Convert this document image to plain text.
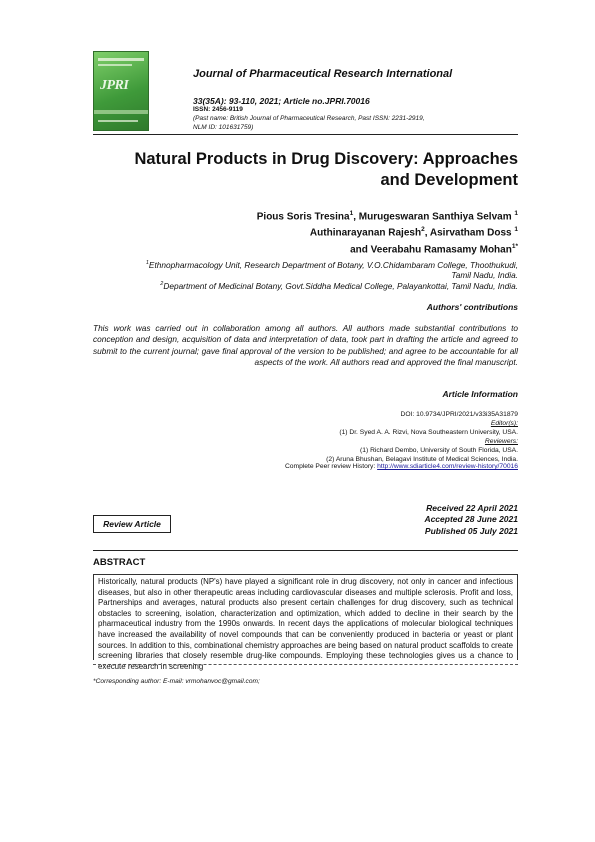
JPRI
Journal of Pharmaceutical Research International
33(35A): 93-110, 2021; Article no.JPRI.70016
ISSN: 2456-9119
(Past name: British Journal of Pharmaceutical Research, Past ISSN: 2231-2919,
NLM ID: 101631759)
Natural Products in Drug Discovery: Approaches
and Development
Pious Soris Tresina$^1$, Murugeswaran Santhiya Selvam $^1$
Authinarayanan Rajesh$^2$, Asirvatham Doss $^1$
and Veerabahu Ramasamy Mohan$^{1*}$
$^1$Ethnopharmacology Unit, Research Department of Botany, V.O.Chidambaram College, Thoothukudi,
Tamil Nadu, India.
$^2$Department of Medicinal Botany, Govt.Siddha Medical College, Palayankottai, Tamil Nadu, India.
Authors' contributions
This work was carried out in collaboration among all authors. All authors made substantial contributions to conception and design, acquisition of data and interpretation of data, took part in drafting the article and agreed to submit to the current journal; gave final approval of the version to be published; and agree to be accountable for all aspects of the work. All authors read and approved the final manuscript.
Article Information
DOI: 10.9734/JPRI/2021/v33i35A31879
Editor(s):
(1) Dr. Syed A. A. Rizvi, Nova Southeastern University, USA.
Reviewers:
(1) Richard Dembo, University of South Florida, USA.
(2) Aruna Bhushan, Belagavi Institute of Medical Sciences, India.
Complete Peer review History: http://www.sdiarticle4.com/review-history/70016
Received 22 April 2021
Accepted 28 June 2021
Published 05 July 2021
Review Article
ABSTRACT
Historically, natural products (NP's) have played a significant role in drug discovery, not only in cancer and infectious diseases, but also in other therapeutic areas including cardiovascular diseases and multiple sclerosis. Profit and loss, Partnerships and averages, natural products also present certain challenges for drug discovery, such as technical obstacles to screening, isolation, characterization and optimization, which added to decline in their search by the pharmaceutical industry from the 1990s onwards. In recent days the applications of molecular biological techniques have increased the availability of novel compounds that can be conveniently produced in bacteria or yeast or plant sources. In addition to this, combinational chemistry approaches are being based on natural product scaffolds to create screening libraries that closely resemble drug-like compounds. Employing these technologies gives us a chance to execute research in screening
*Corresponding author: E-mail: vrmohanvoc@gmail.com;
